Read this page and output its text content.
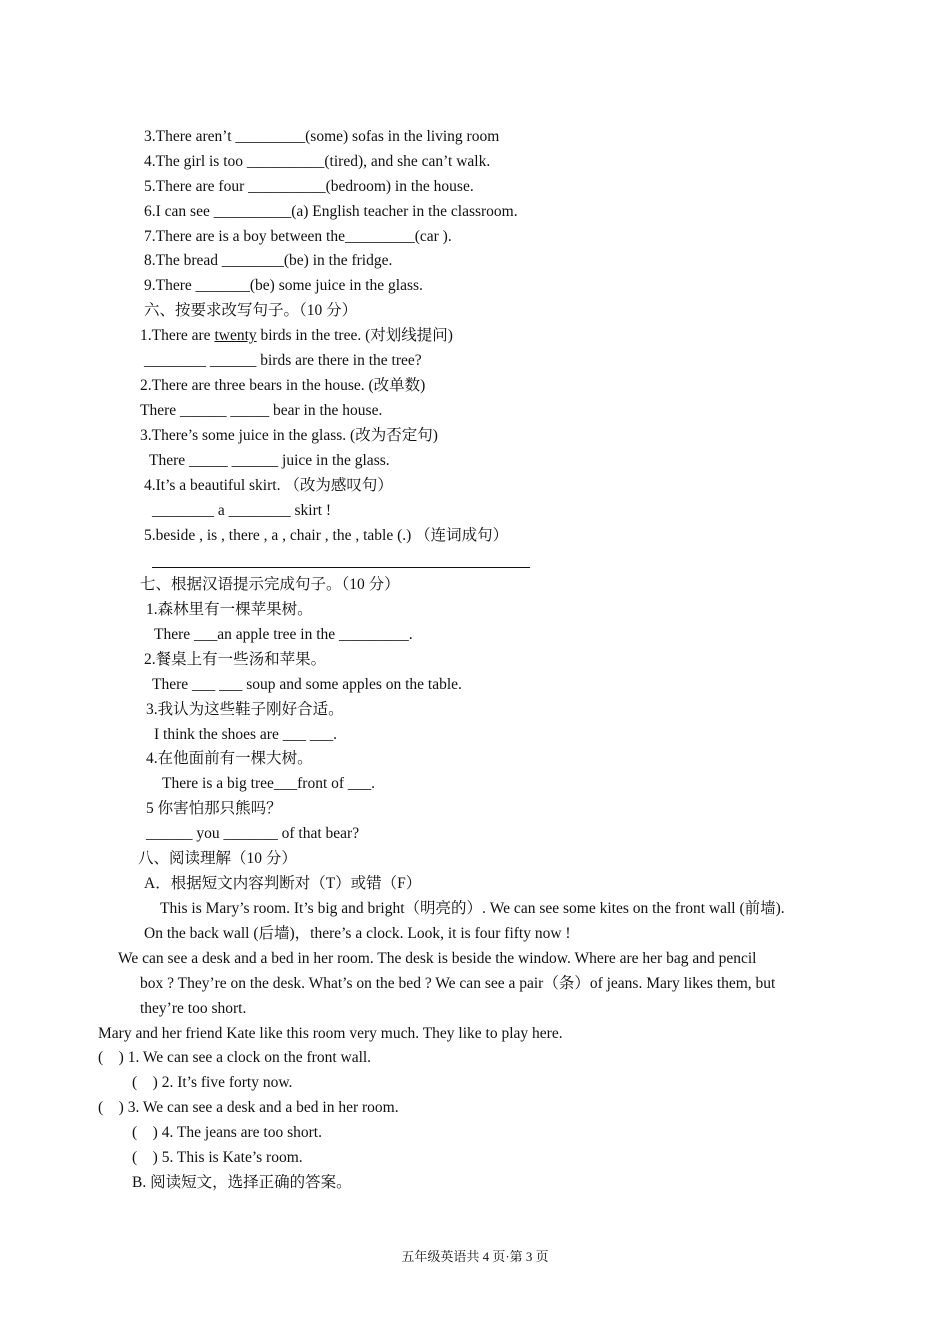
3.There aren’t _________(some) sofas in the living room
4.The girl is too __________(tired), and she can’t walk.
5.There are four __________(bedroom) in the house.
6.I can see __________(a) English teacher in the classroom.
7.There are is a boy between the_________(car ).
8.The bread ________(be) in the fridge.
9.There _______(be) some juice in the glass.
六、按要求改写句子。（10 分）
1.There are twenty birds in the tree. (对划线提问)
________ ______ birds are there in the tree?
2.There are three bears in the house. (改单数)
There ______ _____ bear in the house.
3.There’s some juice in the glass. (改为否定句)
There _____ ______ juice in the glass.
4.It’s a beautiful skirt. （改为感叹句）
________ a ________ skirt !
5.beside , is , there , a , chair , the , table (.) （连词成句）
七、根据汉语提示完成句子。（10 分）
1.森林里有一棵苹果树。
There ___an apple tree in the _________.
2.餐桌上有一些汤和苹果。
There ___ ___ soup and some apples on the table.
3.我认为这些鞋子刚好合适。
I think the shoes are ___ ___.
4.在他面前有一棵大树。
There is a big tree___front of ___.
5 你害怕那只熊吗？
______ you _______ of that bear?
八、阅读理解（10 分）
A．根据短文内容判断对（T）或错（F）
This is Mary’s room. It’s big and bright（明亮的）. We can see some kites on the front wall (前墙).
On the back wall (后墙)，there’s a clock. Look, it is four fifty now !
We can see a desk and a bed in her room. The desk is beside the window. Where are her bag and pencil
box ? They’re on the desk. What’s on the bed ? We can see a pair（条）of jeans. Mary likes them, but
they’re too short.
Mary and her friend Kate like this room very much. They like to play here.
(    ) 1. We can see a clock on the front wall.
(    ) 2. It’s five forty now.
(    ) 3. We can see a desk and a bed in her room.
(    ) 4. The jeans are too short.
(    ) 5. This is Kate’s room.
B. 阅读短文，选择正确的答案。
五年级英语共 4 页·第 3 页
